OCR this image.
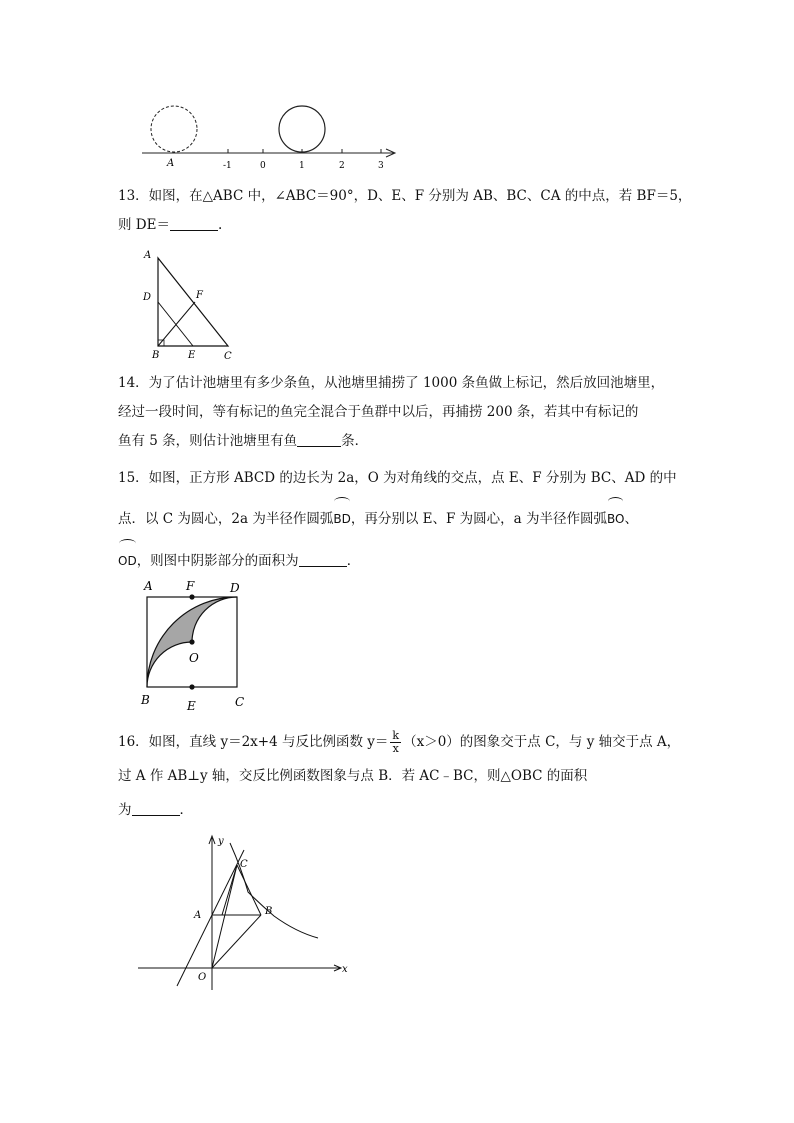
A	-1	0	1	2	3
13．如图，在△ABC 中，∠ABC＝90°，D、E、F 分别为 AB、BC、CA 的中点，若 BF＝5，
则 DE＝	.
A
D	F
B	E	C
14．为了估计池塘里有多少条鱼，从池塘里捕捞了 1000 条鱼做上标记，然后放回池塘里，
经过一段时间，等有标记的鱼完全混合于鱼群中以后，再捕捞 200 条，若其中有标记的
鱼有 5 条，则估计池塘里有鱼	条．
15．如图，正方形 ABCD 的边长为 2a，O 为对角线的交点，点 E、F 分别为 BC、AD 的中
点．以 C 为圆心，2a 为半径作圆弧BD，再分别以 E、F 为圆心，a 为半径作圆弧BO、
OD，则图中阴影部分的面积为	．
A	F	D
O
B	C
E
16．如图，直线 y＝2x+4 与反比例函数 $y= \frac{k}{x} (x>0)$的图象交于点 C，与 y 轴交于点 A，
过 A 作 AB⊥y 轴，交反比例函数图象与点 B．若 AC﹣BC，则△OBC 的面积
为	．
y
x
O
A	B
C
